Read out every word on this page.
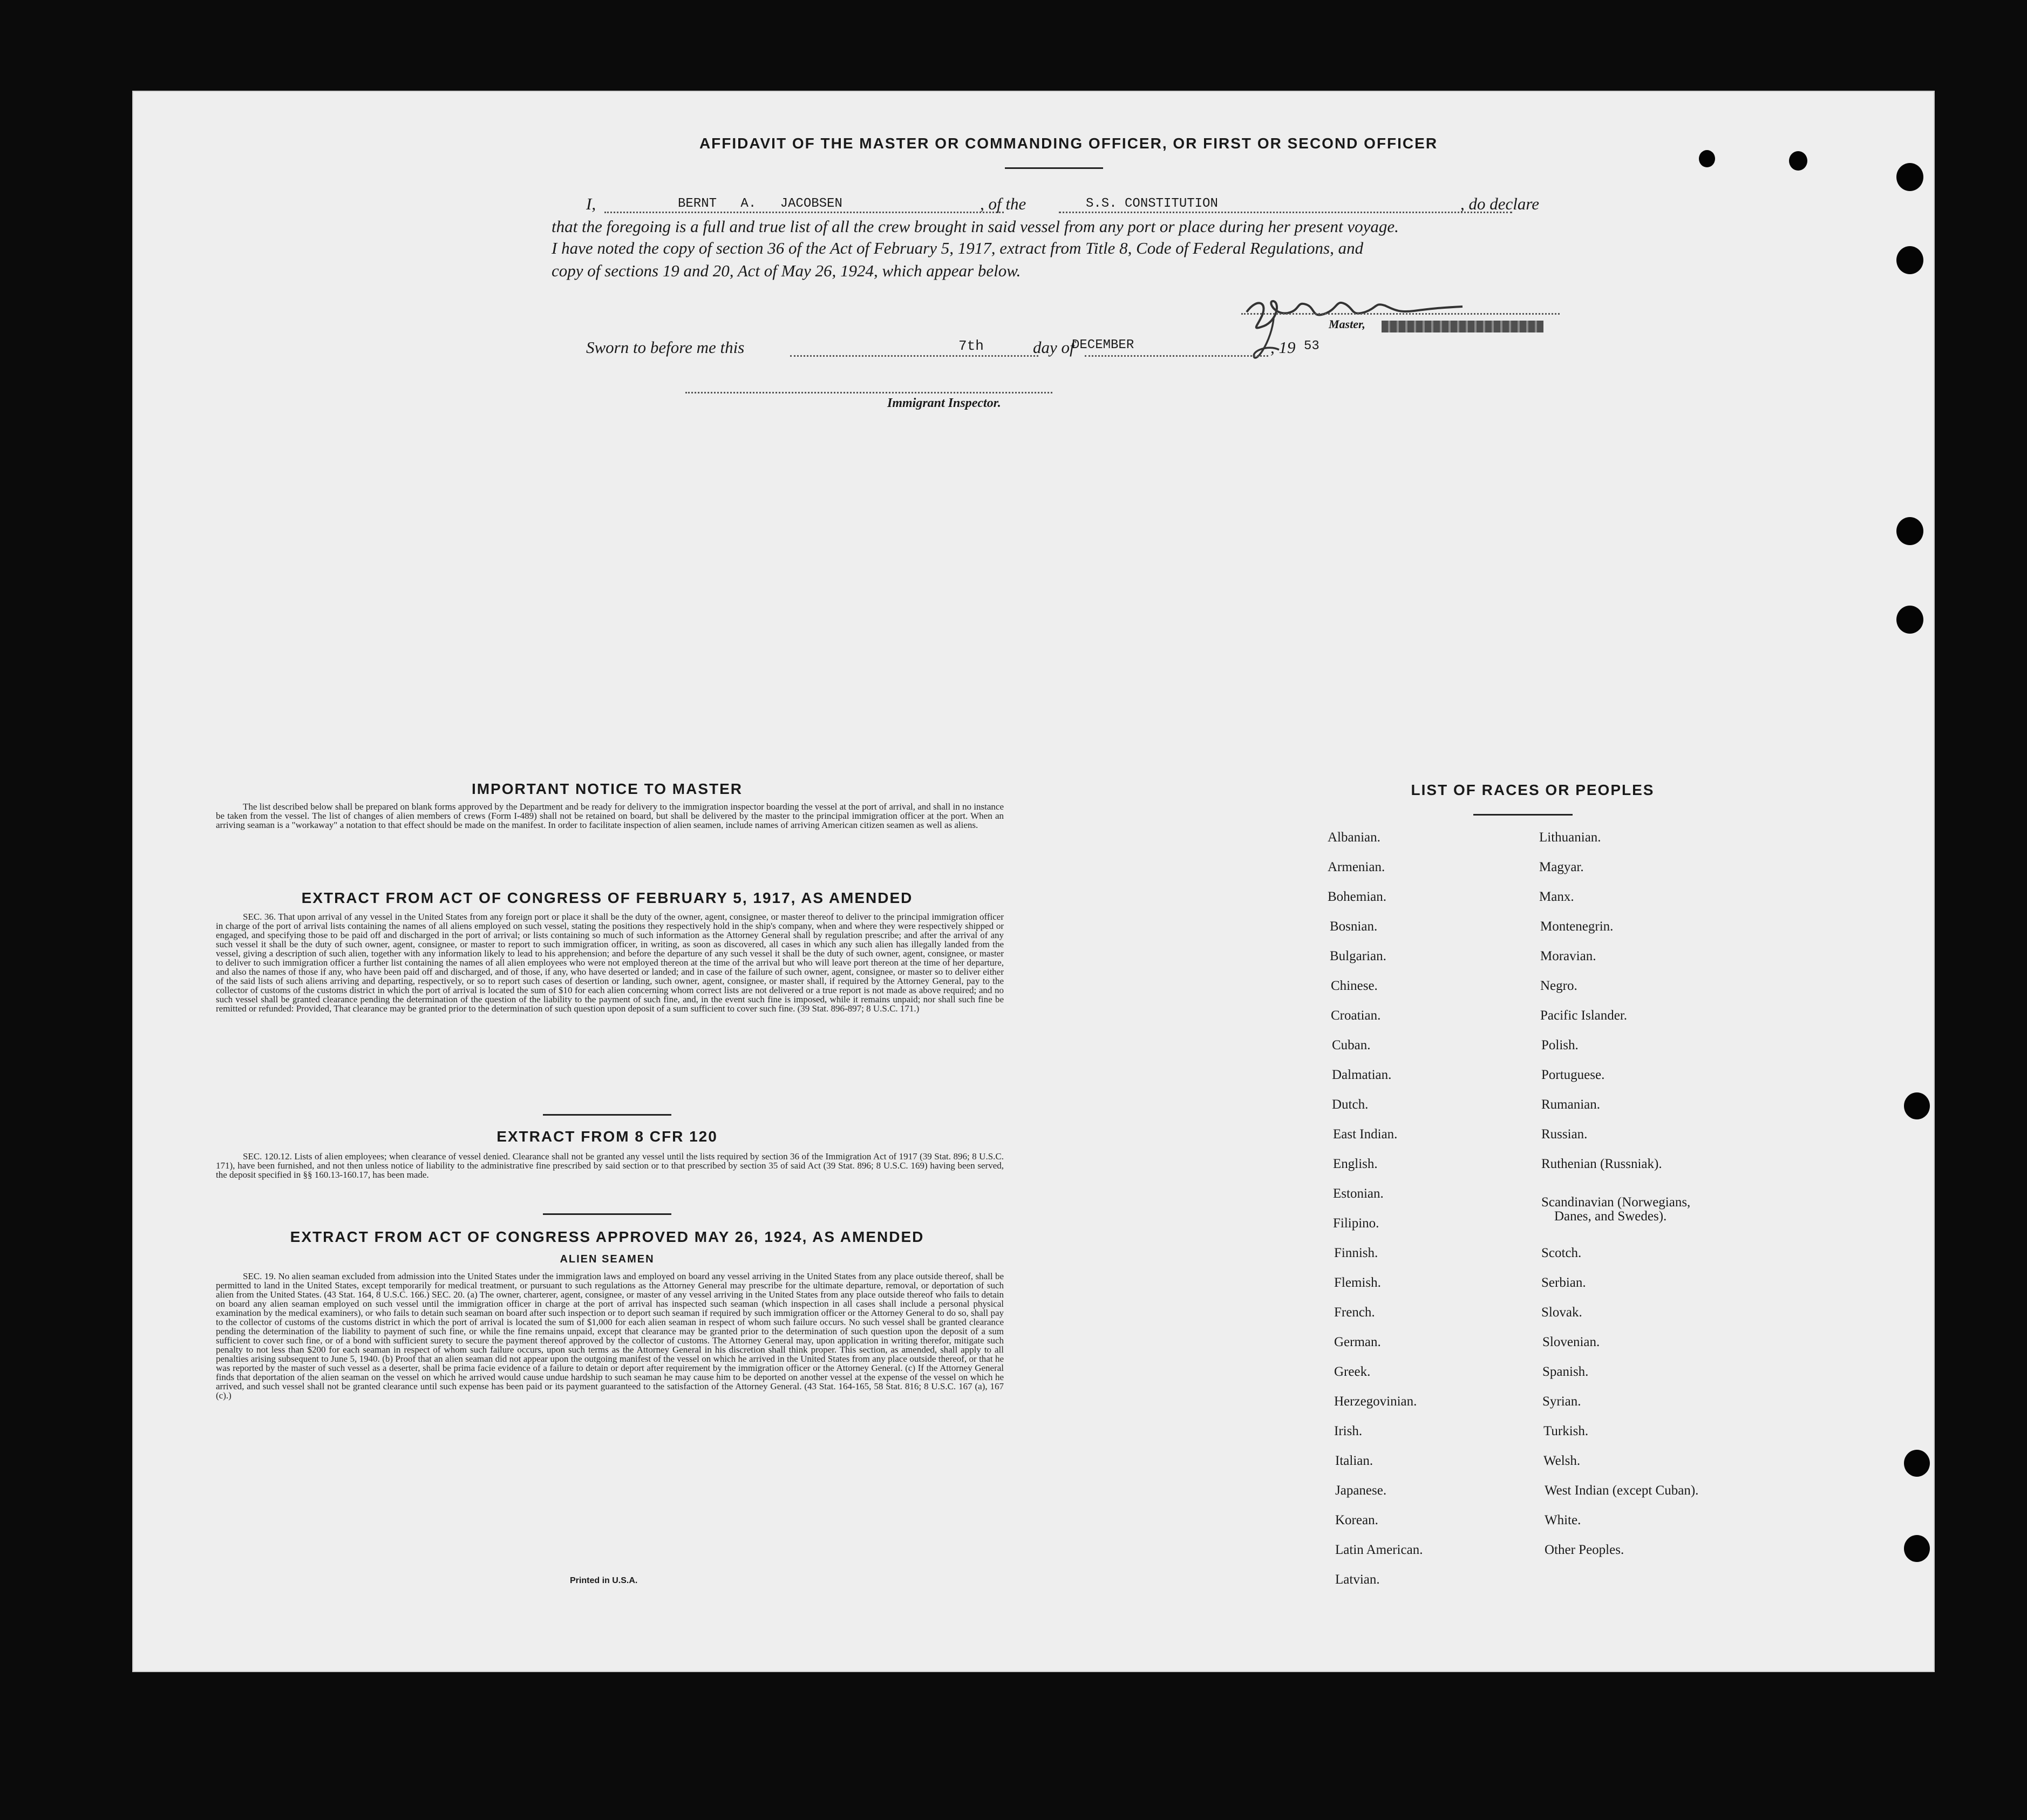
AFFIDAVIT OF THE MASTER OR COMMANDING OFFICER, OR FIRST OR SECOND OFFICER
I,	BERNT A. JACOBSEN	, of the	S.S. CONSTITUTION	, do declare
that the foregoing is a full and true list of all the crew brought in said vessel from any port or place during her present voyage.
I have noted the copy of section 36 of the Act of February 5, 1917, extract from Title 8, Code of Federal Regulations, and
copy of sections 19 and 20, Act of May 26, 1924, which appear below.
Master,
Sworn to before me this	7th	day of
DECEMBER	, 19 53
Immigrant Inspector.
IMPORTANT NOTICE TO MASTER
The list described below shall be prepared on blank forms approved by the Department and be ready for delivery to the immigration inspector boarding the vessel at the port of arrival, and shall in no instance be taken from the vessel. The list of changes of alien members of crews (Form I-489) shall not be retained on board, but shall be delivered by the master to the principal immigration officer at the port. When an arriving seaman is a "workaway" a notation to that effect should be made on the manifest. In order to facilitate inspection of alien seamen, include names of arriving American citizen seamen as well as aliens.
EXTRACT FROM ACT OF CONGRESS OF FEBRUARY 5, 1917, AS AMENDED
SEC. 36. That upon arrival of any vessel in the United States from any foreign port or place it shall be the duty of the owner, agent, consignee, or master thereof to deliver to the principal immigration officer in charge of the port of arrival lists containing the names of all aliens employed on such vessel, stating the positions they respectively hold in the ship's company, when and where they were respectively shipped or engaged, and specifying those to be paid off and discharged in the port of arrival; or lists containing so much of such information as the Attorney General shall by regulation prescribe; and after the arrival of any such vessel it shall be the duty of such owner, agent, consignee, or master to report to such immigration officer, in writing, as soon as discovered, all cases in which any such alien has illegally landed from the vessel, giving a description of such alien, together with any information likely to lead to his apprehension; and before the departure of any such vessel it shall be the duty of such owner, agent, consignee, or master to deliver to such immigration officer a further list containing the names of all alien employees who were not employed thereon at the time of the arrival but who will leave port thereon at the time of her departure, and also the names of those if any, who have been paid off and discharged, and of those, if any, who have deserted or landed; and in case of the failure of such owner, agent, consignee, or master so to deliver either of the said lists of such aliens arriving and departing, respectively, or so to report such cases of desertion or landing, such owner, agent, consignee, or master shall, if required by the Attorney General, pay to the collector of customs of the customs district in which the port of arrival is located the sum of $10 for each alien concerning whom correct lists are not delivered or a true report is not made as above required; and no such vessel shall be granted clearance pending the determination of the question of the liability to the payment of such fine, and, in the event such fine is imposed, while it remains unpaid; nor shall such fine be remitted or refunded: Provided, That clearance may be granted prior to the determination of such question upon deposit of a sum sufficient to cover such fine. (39 Stat. 896-897; 8 U.S.C. 171.)
EXTRACT FROM 8 CFR 120
SEC. 120.12. Lists of alien employees; when clearance of vessel denied. Clearance shall not be granted any vessel until the lists required by section 36 of the Immigration Act of 1917 (39 Stat. 896; 8 U.S.C. 171), have been furnished, and not then unless notice of liability to the administrative fine prescribed by said section or to that prescribed by section 35 of said Act (39 Stat. 896; 8 U.S.C. 169) having been served, the deposit specified in §§ 160.13-160.17, has been made.
EXTRACT FROM ACT OF CONGRESS APPROVED MAY 26, 1924, AS AMENDED
ALIEN SEAMEN
SEC. 19. No alien seaman excluded from admission into the United States under the immigration laws and employed on board any vessel arriving in the United States from any place outside thereof, shall be permitted to land in the United States, except temporarily for medical treatment, or pursuant to such regulations as the Attorney General may prescribe for the ultimate departure, removal, or deportation of such alien from the United States. (43 Stat. 164, 8 U.S.C. 166.) SEC. 20. (a) The owner, charterer, agent, consignee, or master of any vessel arriving in the United States from any place outside thereof who fails to detain on board any alien seaman employed on such vessel until the immigration officer in charge at the port of arrival has inspected such seaman (which inspection in all cases shall include a personal physical examination by the medical examiners), or who fails to detain such seaman on board after such inspection or to deport such seaman if required by such immigration officer or the Attorney General to do so, shall pay to the collector of customs of the customs district in which the port of arrival is located the sum of $1,000 for each alien seaman in respect of whom such failure occurs. No such vessel shall be granted clearance pending the determination of the liability to payment of such fine, or while the fine remains unpaid, except that clearance may be granted prior to the determination of such question upon the deposit of a sum sufficient to cover such fine, or of a bond with sufficient surety to secure the payment thereof approved by the collector of customs. The Attorney General may, upon application in writing therefor, mitigate such penalty to not less than $200 for each seaman in respect of whom such failure occurs, upon such terms as the Attorney General in his discretion shall think proper. This section, as amended, shall apply to all penalties arising subsequent to June 5, 1940. (b) Proof that an alien seaman did not appear upon the outgoing manifest of the vessel on which he arrived in the United States from any place outside thereof, or that he was reported by the master of such vessel as a deserter, shall be prima facie evidence of a failure to detain or deport after requirement by the immigration officer or the Attorney General. (c) If the Attorney General finds that deportation of the alien seaman on the vessel on which he arrived would cause undue hardship to such seaman he may cause him to be deported on another vessel at the expense of the vessel on which he arrived, and such vessel shall not be granted clearance until such expense has been paid or its payment guaranteed to the satisfaction of the Attorney General. (43 Stat. 164-165, 58 Stat. 816; 8 U.S.C. 167 (a), 167 (c).)
Printed in U.S.A.
LIST OF RACES OR PEOPLES
Albanian.
Armenian.
Bohemian.
Bosnian.
Bulgarian.
Chinese.
Croatian.
Cuban.
Dalmatian.
Dutch.
East Indian.
English.
Estonian.
Filipino.
Finnish.
Flemish.
French.
German.
Greek.
Herzegovinian.
Irish.
Italian.
Japanese.
Korean.
Latin American.
Latvian.
Lithuanian.
Magyar.
Manx.
Montenegrin.
Moravian.
Negro.
Pacific Islander.
Polish.
Portuguese.
Rumanian.
Russian.
Ruthenian (Russniak).
Scandinavian (Norwegians,
Danes, and Swedes).
Scotch.
Serbian.
Slovak.
Slovenian.
Spanish.
Syrian.
Turkish.
Welsh.
West Indian (except Cuban).
White.
Other Peoples.
